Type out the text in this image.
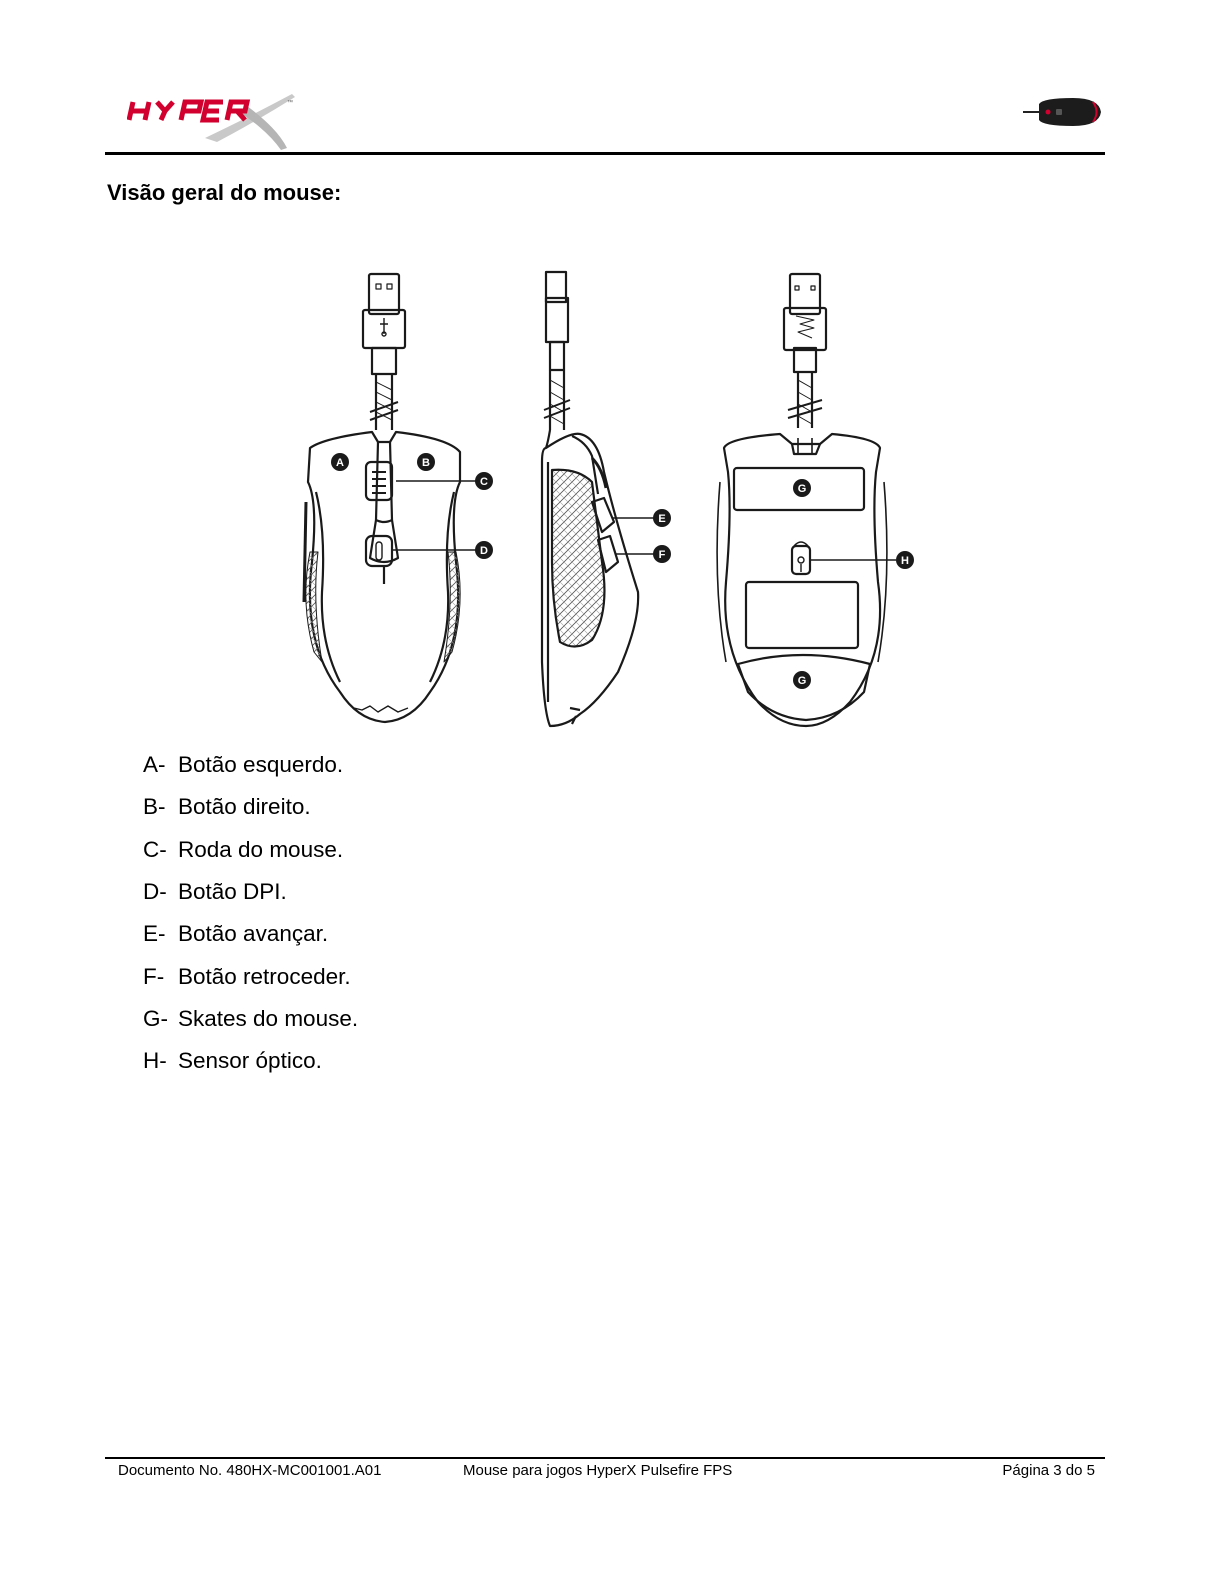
™
Visão geral do mouse:
A	B
C
D
E
F
G
G
H
A- Botão esquerdo.
B- Botão direito.
C- Roda do mouse.
D- Botão DPI.
E- Botão avançar.
F- Botão retroceder.
G- Skates do mouse.
H- Sensor óptico.
Documento No. 480HX-MC001001.A01	Mouse para jogos HyperX Pulsefire FPS	Página 3 do 5
